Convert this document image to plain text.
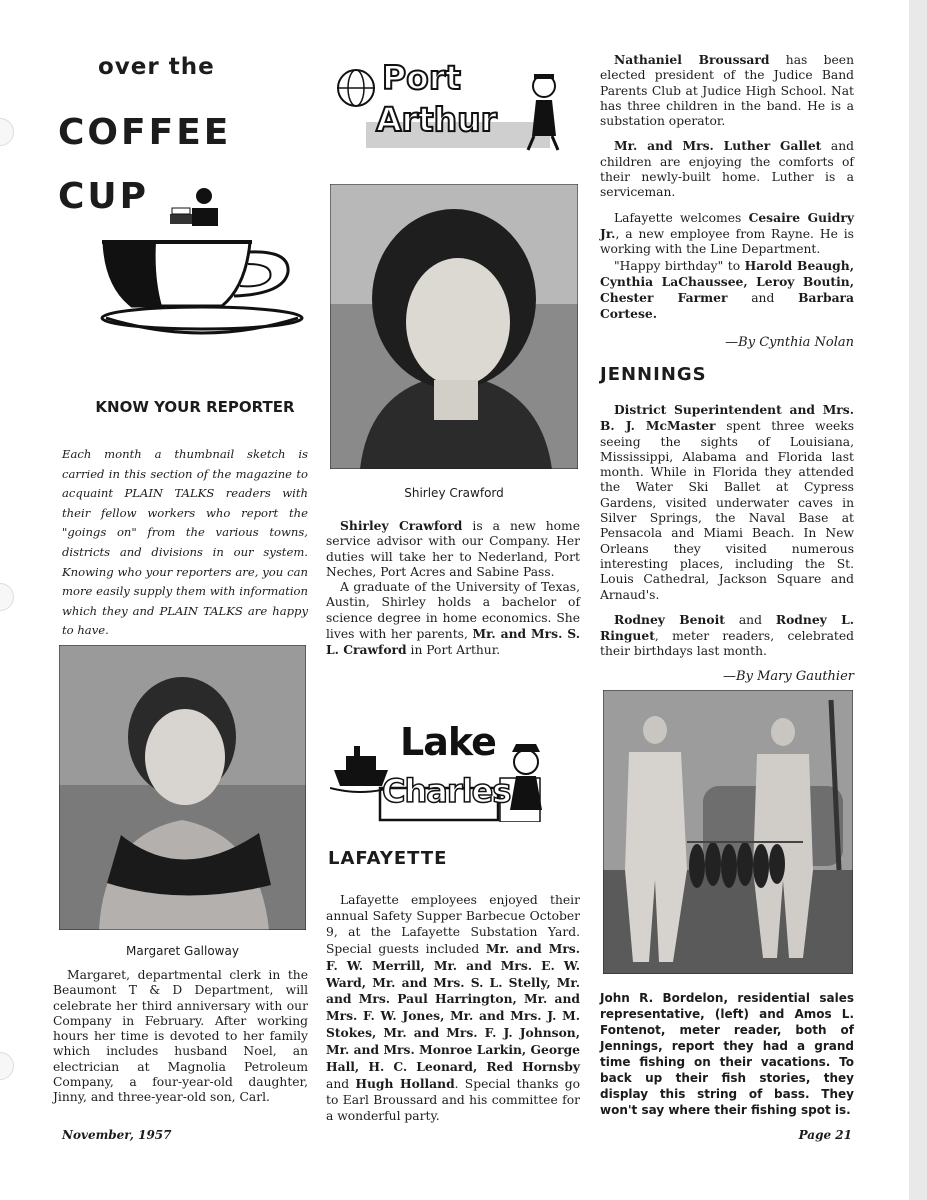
over the
COFFEE
CUP
KNOW YOUR REPORTER
Each month a thumbnail sketch is carried in this section of the magazine to acquaint PLAIN TALKS readers with their fellow workers who report the "goings on" from the various towns, districts and divisions in our system. Knowing who your reporters are, you can more easily supply them with information which they and PLAIN TALKS are happy to have.
Margaret Galloway
Margaret, departmental clerk in the Beaumont T & D Department, will celebrate her third anniversary with our Company in February. After working hours her time is devoted to her family which includes husband Noel, an electrician at Magnolia Petroleum Company, a four-year-old daughter, Jinny, and three-year-old son, Carl.
Port
Arthur
Shirley Crawford

Shirley Crawford is a new home service advisor with our Company. Her duties will take her to Nederland, Port Neches, Port Acres and Sabine Pass.

A graduate of the University of Texas, Austin, Shirley holds a bachelor of science degree in home economics. She lives with her parents, Mr. and Mrs. S. L. Crawford in Port Arthur.

Lake
Charles
LAFAYETTE
Lafayette employees enjoyed their annual Safety Supper Barbecue October 9, at the Lafayette Substation Yard. Special guests included Mr. and Mrs. F. W. Merrill, Mr. and Mrs. E. W. Ward, Mr. and Mrs. S. L. Stelly, Mr. and Mrs. Paul Harrington, Mr. and Mrs. F. W. Jones, Mr. and Mrs. J. M. Stokes, Mr. and Mrs. F. J. Johnson, Mr. and Mrs. Monroe Larkin, George Hall, H. C. Leonard, Red Hornsby and Hugh Holland. Special thanks go to Earl Broussard and his committee for a wonderful party.

Nathaniel Broussard has been elected president of the Judice Band Parents Club at Judice High School. Nat has three children in the band. He is a substation operator.

Mr. and Mrs. Luther Gallet and children are enjoying the comforts of their newly-built home. Luther is a serviceman.

Lafayette welcomes Cesaire Guidry Jr., a new employee from Rayne. He is working with the Line Department.

"Happy birthday" to Harold Beaugh, Cynthia LaChaussee, Leroy Boutin, Chester Farmer and Barbara Cortese.

—By Cynthia Nolan
JENNINGS

District Superintendent and Mrs. B. J. McMaster spent three weeks seeing the sights of Louisiana, Mississippi, Alabama and Florida last month. While in Florida they attended the Water Ski Ballet at Cypress Gardens, visited underwater caves in Silver Springs, the Naval Base at Pensacola and Miami Beach. In New Orleans they visited numerous interesting places, including the St. Louis Cathedral, Jackson Square and Arnaud's.

Rodney Benoit and Rodney L. Ringuet, meter readers, celebrated their birthdays last month.

—By Mary Gauthier
John R. Bordelon, residential sales representative, (left) and Amos L. Fontenot, meter reader, both of Jennings, report they had a grand time fishing on their vacations. To back up their fish stories, they display this string of bass. They won't say where their fishing spot is.
November, 1957	Page 21
